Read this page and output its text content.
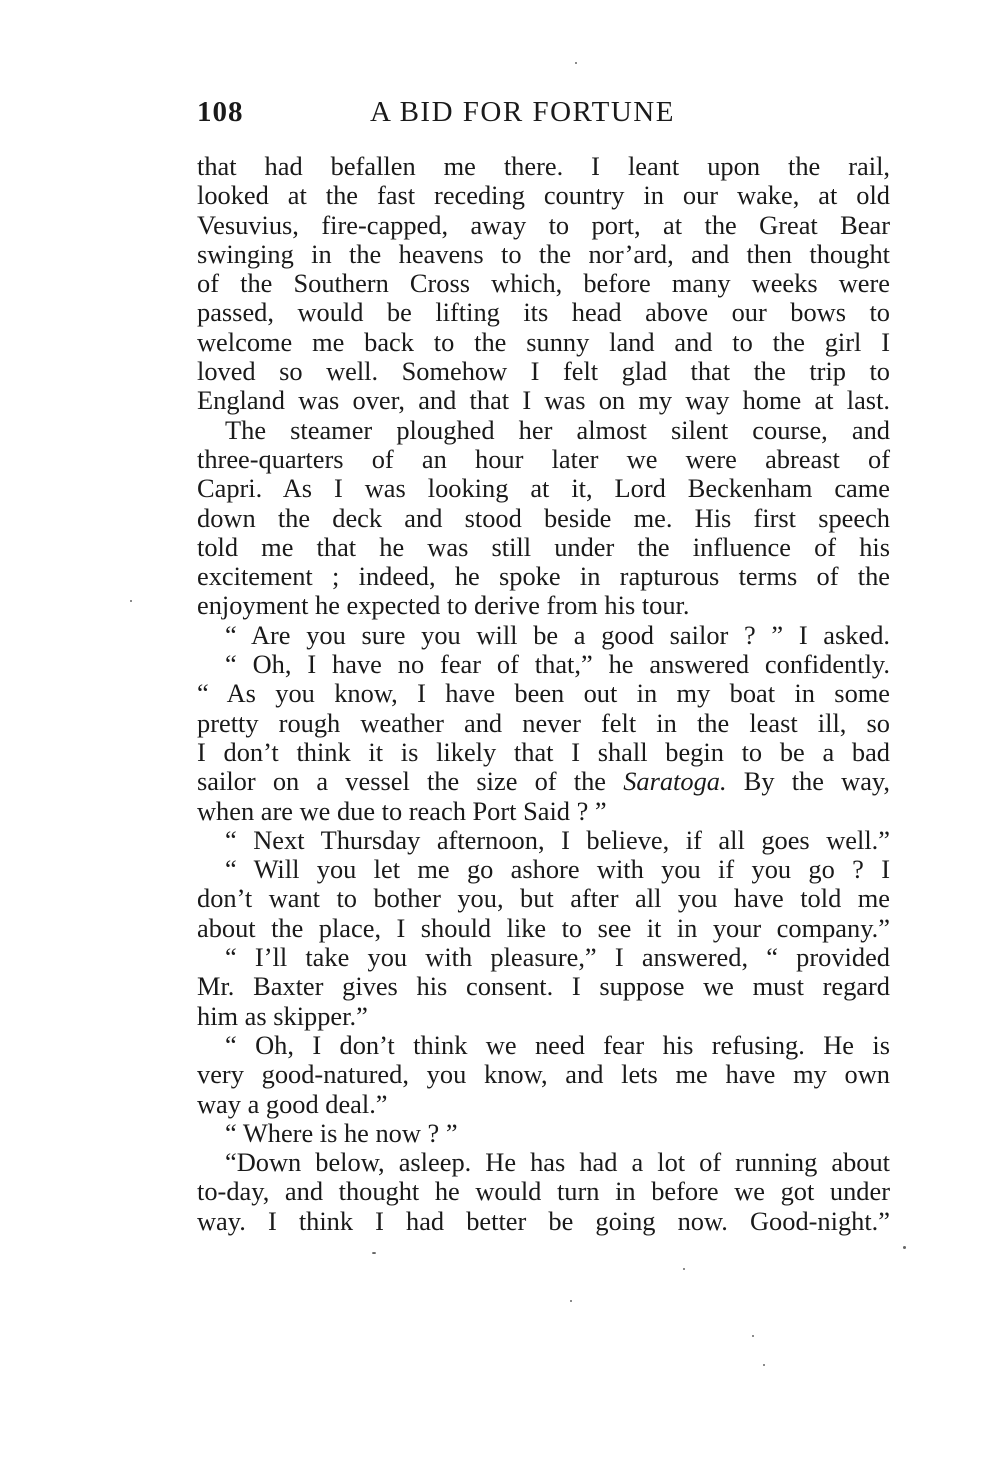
108	A BID FOR FORTUNE
that had befallen me there. I leant upon the rail,
looked at the fast receding country in our wake, at old
Vesuvius, fire-capped, away to port, at the Great Bear
swinging in the heavens to the nor’ard, and then thought
of the Southern Cross which, before many weeks were
passed, would be lifting its head above our bows to
welcome me back to the sunny land and to the girl I
loved so well. Somehow I felt glad that the trip to
England was over, and that I was on my way home at last.
The steamer ploughed her almost silent course, and
three-quarters of an hour later we were abreast of
Capri. As I was looking at it, Lord Beckenham came
down the deck and stood beside me. His first speech
told me that he was still under the influence of his
excitement ; indeed, he spoke in rapturous terms of the
enjoyment he expected to derive from his tour.
“ Are you sure you will be a good sailor ? ” I asked.
“ Oh, I have no fear of that,” he answered confidently.
“ As you know, I have been out in my boat in some
pretty rough weather and never felt in the least ill, so
I don’t think it is likely that I shall begin to be a bad
sailor on a vessel the size of the Saratoga. By the way,
when are we due to reach Port Said ? ”
“ Next Thursday afternoon, I believe, if all goes well.”
“ Will you let me go ashore with you if you go ? I
don’t want to bother you, but after all you have told me
about the place, I should like to see it in your company.”
“ I’ll take you with pleasure,” I answered, “ provided
Mr. Baxter gives his consent. I suppose we must regard
him as skipper.”
“ Oh, I don’t think we need fear his refusing. He is
very good-natured, you know, and lets me have my own
way a good deal.”
“ Where is he now ? ”
“Down below, asleep. He has had a lot of running about
to-day, and thought he would turn in before we got under
way. I think I had better be going now. Good-night.”
